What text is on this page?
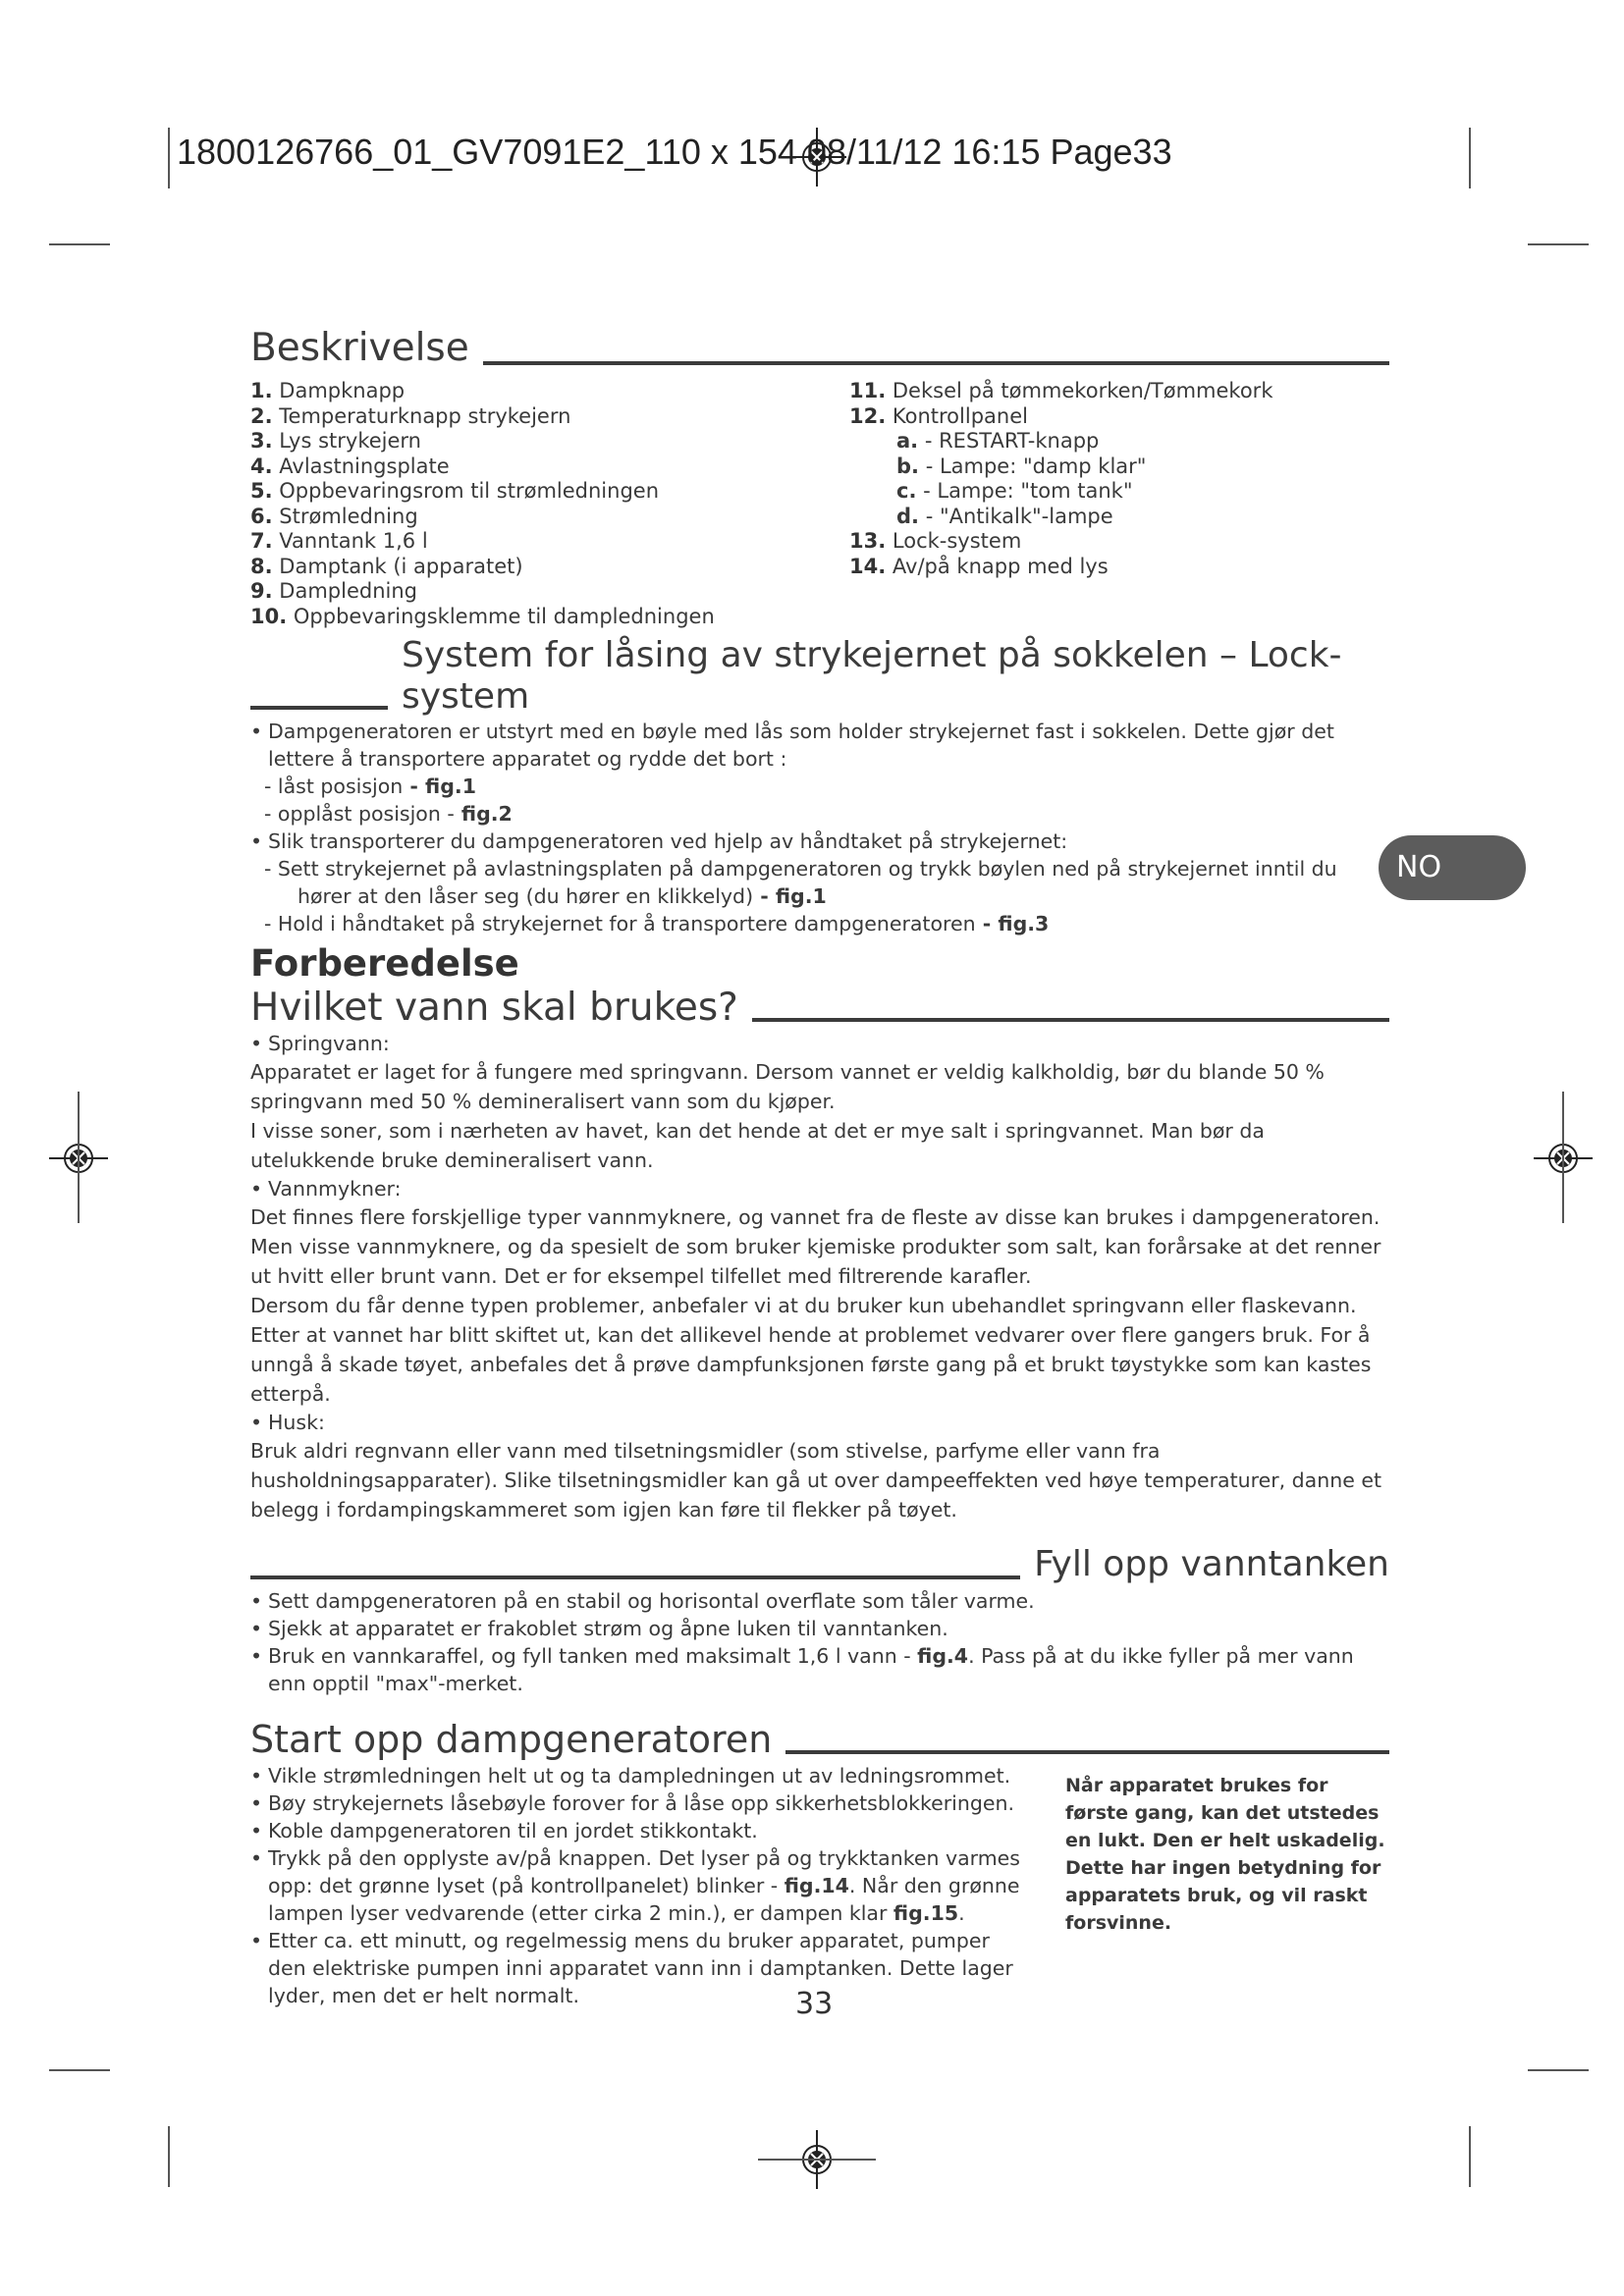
1800126766_01_GV7091E2_110 x 154 08/11/12 16:15 Page33
NO
Beskrivelse
1. Dampknapp
2. Temperaturknapp strykejern
3. Lys strykejern
4. Avlastningsplate
5. Oppbevaringsrom til strømledningen
6. Strømledning
7. Vanntank 1,6 l
8. Damptank (i apparatet)
9. Dampledning
10. Oppbevaringsklemme til dampledningen
11. Deksel på tømmekorken/Tømmekork
12. Kontrollpanel
a. - RESTART-knapp
b. - Lampe: "damp klar"
c. - Lampe: "tom tank"
d. - "Antikalk"-lampe
13. Lock-system
14. Av/på knapp med lys
System for låsing av strykejernet på sokkelen – Lock-system
• Dampgeneratoren er utstyrt med en bøyle med lås som holder strykejernet fast i sokkelen. Dette gjør det lettere å transportere apparatet og rydde det bort :
- låst posisjon - fig.1
- opplåst posisjon - fig.2
• Slik transporterer du dampgeneratoren ved hjelp av håndtaket på strykejernet:
- Sett strykejernet på avlastningsplaten på dampgeneratoren og trykk bøylen ned på strykejernet inntil du
hører at den låser seg (du hører en klikkelyd) - fig.1
- Hold i håndtaket på strykejernet for å transportere dampgeneratoren - fig.3
Forberedelse
Hvilket vann skal brukes?
• Springvann:

Apparatet er laget for å fungere med springvann. Dersom vannet er veldig kalkholdig, bør du blande 50 % springvann med 50 % demineralisert vann som du kjøper.

I visse soner, som i nærheten av havet, kan det hende at det er mye salt i springvannet. Man bør da utelukkende bruke demineralisert vann.

• Vannmykner:

Det finnes flere forskjellige typer vannmyknere, og vannet fra de fleste av disse kan brukes i dampgeneratoren. Men visse vannmyknere, og da spesielt de som bruker kjemiske produkter som salt, kan forårsake at det renner ut hvitt eller brunt vann. Det er for eksempel tilfellet med filtrerende karafler.

Dersom du får denne typen problemer, anbefaler vi at du bruker kun ubehandlet springvann eller flaskevann. Etter at vannet har blitt skiftet ut, kan det allikevel hende at problemet vedvarer over flere gangers bruk. For å unngå å skade tøyet, anbefales det å prøve dampfunksjonen første gang på et brukt tøystykke som kan kastes etterpå.

• Husk:

Bruk aldri regnvann eller vann med tilsetningsmidler (som stivelse, parfyme eller vann fra husholdningsapparater). Slike tilsetningsmidler kan gå ut over dampeeffekten ved høye temperaturer, danne et belegg i fordampingskammeret som igjen kan føre til flekker på tøyet.

Fyll opp vanntanken
• Sett dampgeneratoren på en stabil og horisontal overflate som tåler varme.
• Sjekk at apparatet er frakoblet strøm og åpne luken til vanntanken.
• Bruk en vannkaraffel, og fyll tanken med maksimalt 1,6 l vann - fig.4. Pass på at du ikke fyller på mer vann enn opptil "max"-merket.
Start opp dampgeneratoren
• Vikle strømledningen helt ut og ta dampledningen ut av ledningsrommet.
• Bøy strykejernets låsebøyle forover for å låse opp sikkerhetsblokkeringen.
• Koble dampgeneratoren til en jordet stikkontakt.
• Trykk på den opplyste av/på knappen. Det lyser på og trykktanken varmes opp: det grønne lyset (på kontrollpanelet) blinker - fig.14. Når den grønne lampen lyser vedvarende (etter cirka 2 min.), er dampen klar fig.15.
• Etter ca. ett minutt, og regelmessig mens du bruker apparatet, pumper den elektriske pumpen inni apparatet vann inn i damptanken. Dette lager lyder, men det er helt normalt.
Når apparatet brukes for første gang, kan det utstedes en lukt. Den er helt uskadelig.
Dette har ingen betydning for apparatets bruk, og vil raskt forsvinne.
33
